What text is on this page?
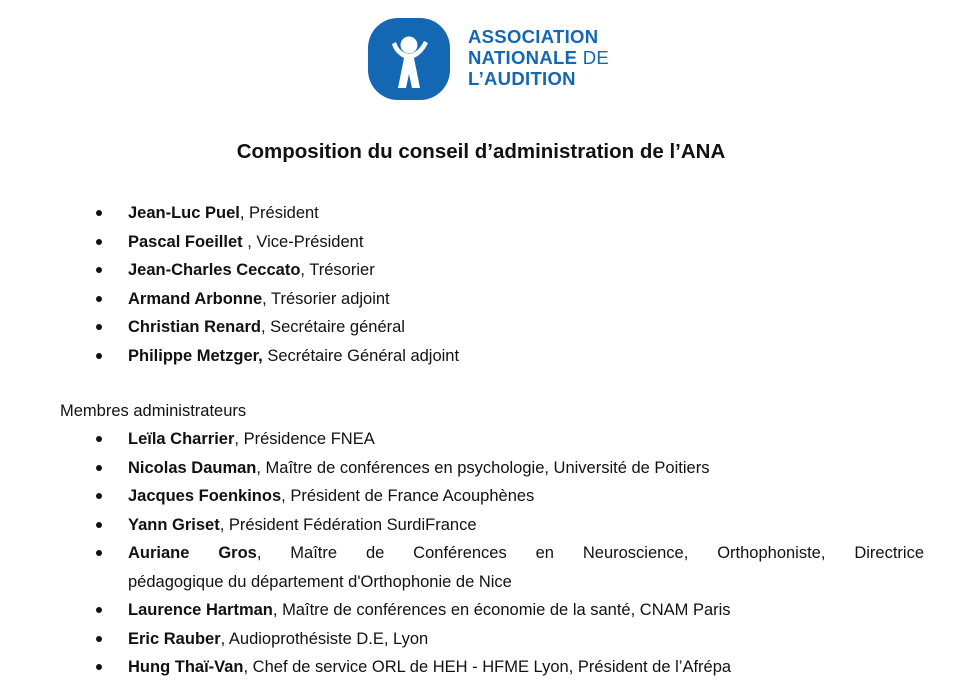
ASSOCIATION
NATIONALE DE
L’AUDITION
Composition du conseil d’administration de l’ANA
Jean-Luc Puel, Président
Pascal Foeillet , Vice-Président
Jean-Charles Ceccato, Trésorier
Armand Arbonne, Trésorier adjoint
Christian Renard, Secrétaire général
Philippe Metzger, Secrétaire Général adjoint
Membres administrateurs
Leïla Charrier, Présidence FNEA
Nicolas Dauman, Maître de conférences en psychologie, Université de Poitiers
Jacques Foenkinos, Président de France Acouphènes
Yann Griset, Président Fédération SurdiFrance
Auriane Gros, Maître de Conférences en Neuroscience, Orthophoniste, Directrice
pédagogique du département d'Orthophonie de Nice
Laurence Hartman, Maître de conférences en économie de la santé, CNAM Paris
Eric Rauber, Audioprothésiste D.E, Lyon
Hung Thaï-Van, Chef de service ORL de HEH - HFME Lyon, Président de l’Afrépa
